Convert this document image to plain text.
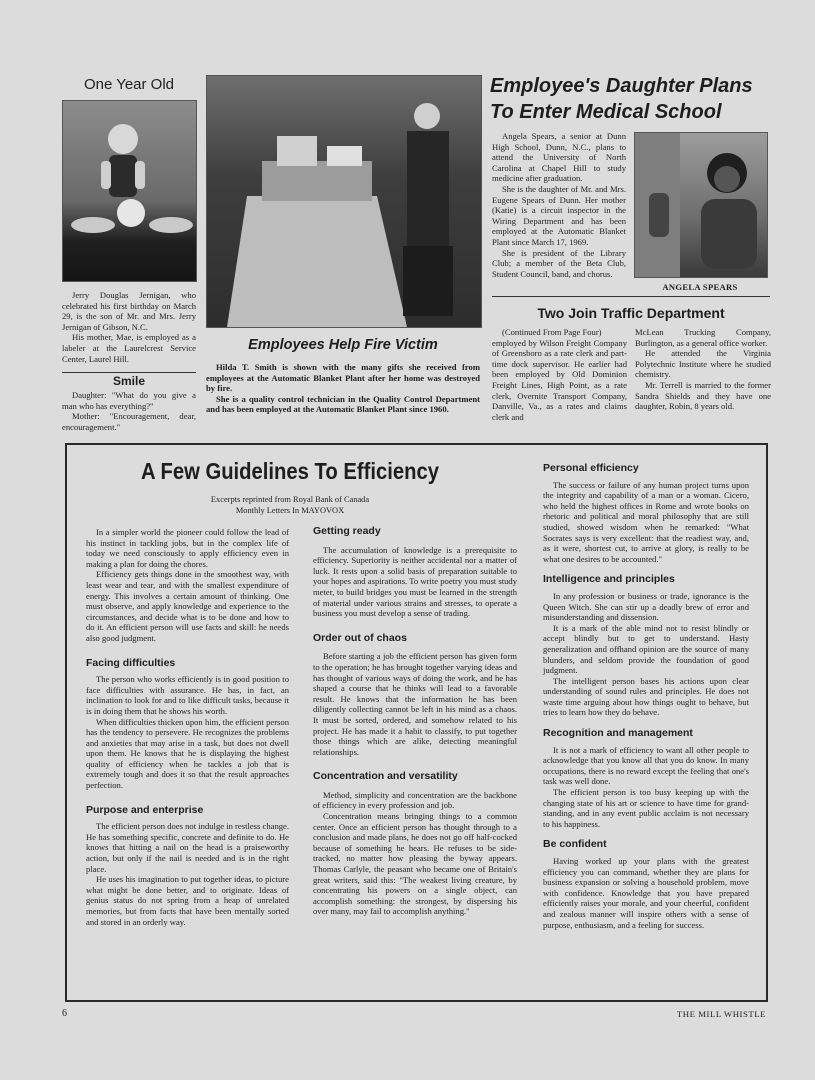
One Year Old

Jerry Douglas Jernigan, who celebrated his first birthday on March 29, is the son of Mr. and Mrs. Jerry Jernigan of Gibson, N.C.

His mother, Mae, is employed as a labeler at the Laurelcrest Service Center, Laurel Hill.

Smile

Daughter: "What do you give a man who has everything?"

Mother: "Encouragement, dear, encouragement."

Employees Help Fire Victim

Hilda T. Smith is shown with the many gifts she received from employees at the Automatic Blanket Plant after her home was destroyed by fire.

She is a quality control technician in the Quality Control Department and has been employed at the Automatic Blanket Plant since 1960.

Employee's Daughter Plans
To Enter Medical School

Angela Spears, a senior at Dunn High School, Dunn, N.C., plans to attend the University of North Carolina at Chapel Hill to study medicine after graduation.

She is the daughter of Mr. and Mrs. Eugene Spears of Dunn. Her mother (Katie) is a circuit inspector in the Wiring Department and has been employed at the Automatic Blanket Plant since March 17, 1969.

She is president of the Library Club; a member of the Beta Club, Student Council, band, and chorus.

ANGELA SPEARS
Two Join Traffic Department

(Continued From Page Four)

employed by Wilson Freight Company of Greensboro as a rate clerk and part-time dock supervisor. He earlier had been employed by Old Dominion Freight Lines, High Point, as a rate clerk, Overnite Transport Company, Danville, Va., as a rates and claims clerk and

McLean Trucking Company, Burlington, as a general office worker.

He attended the Virginia Polytechnic Institute where he studied chemistry.

Mr. Terrell is married to the former Sandra Shields and they have one daughter, Robin, 8 years old.

A Few Guidelines To Efficiency
Excerpts reprinted from Royal Bank of Canada
Monthly Letters In MAYOVOX

In a simpler world the pioneer could follow the lead of his instinct in tackling jobs, but in the complex life of today we need consciously to apply efficiency even in making a plan for doing the chores.

Efficiency gets things done in the smoothest way, with least wear and tear, and with the smallest expenditure of energy. This involves a certain amount of thinking. One must observe, and apply knowledge and experience to the circumstances, and decide what is to be done and how to do it. An efficient person will use facts and skill: he needs also good judgment.

Facing difficulties

The person who works efficiently is in good position to face difficulties with assurance. He has, in fact, an inclination to look for and to like difficult tasks, because it is in doing them that he shows his worth.

When difficulties thicken upon him, the efficient person has the tendency to persevere. He recognizes the problems and anxieties that may arise in a task, but does not dwell upon them. He knows that he is displaying the highest quality of efficiency when he tackles a job that is extremely tough and does it so that the result approaches perfection.

Purpose and enterprise

The efficient person does not indulge in restless change. He has something specific, concrete and definite to do. He knows that hitting a nail on the head is a praiseworthy action, but only if the nail is needed and is in the right place.

He uses his imagination to put together ideas, to picture what might be done better, and to originate. Ideas of genius status do not spring from a heap of unrelated memories, but from facts that have been mentally sorted and stored in an orderly way.

Getting ready

The accumulation of knowledge is a prerequisite to efficiency. Superiority is neither accidental nor a matter of luck. It rests upon a solid basis of preparation suitable to your hopes and aspirations. To write poetry you must study meter, to build bridges you must be learned in the strength of material under various strains and stresses, to operate a business you must develop a sense of trading.

Order out of chaos

Before starting a job the efficient person has given form to the operation; he has brought together varying ideas and has thought of various ways of doing the work, and he has shaped a course that he thinks will lead to a favorable result. He knows that the information he has been diligently collecting cannot be left in his mind as a chaos. It must be sorted, ordered, and somehow related to his project. He has made it a habit to classify, to put together those things which are alike, detecting meaningful relationships.

Concentration and versatility

Method, simplicity and concentration are the backbone of efficiency in every profession and job.

Concentration means bringing things to a common center. Once an efficient person has thought through to a conclusion and made plans, he does not go off half-cocked because of something he hears. He refuses to be side-tracked, no matter how pleasing the byway appears. Thomas Carlyle, the peasant who became one of Britain's great writers, said this: "The weakest living creature, by concentrating his powers on a single object, can accomplish something: the strongest, by dispersing his over many, may fail to accomplish anything."

Personal efficiency

The success or failure of any human project turns upon the integrity and capability of a man or a woman. Cicero, who held the highest offices in Rome and wrote books on rhetoric and political and moral philosophy that are still studied, showed wisdom when he remarked: "What Socrates says is very excellent: that the readiest way, and, as it were, shortest cut, to arrive at glory, is really to be what one desires to be accounted."

Intelligence and principles

In any profession or business or trade, ignorance is the Queen Witch. She can stir up a deadly brew of error and misunderstanding and dissension.

It is a mark of the able mind not to resist blindly or accept blindly but to get to understand. Hasty generalization and offhand opinion are the source of many blunders, and seldom provide the foundation of good judgment.

The intelligent person bases his actions upon clear understanding of sound rules and principles. He does not waste time arguing about how things ought to behave, but tries to learn how they do behave.

Recognition and management

It is not a mark of efficiency to want all other people to acknowledge that you know all that you do know. In many occupations, there is no reward except the feeling that one's task was well done.

The efficient person is too busy keeping up with the changing state of his art or science to have time for grand-standing, and in any event public acclaim is not necessary to his happiness.

Be confident

Having worked up your plans with the greatest efficiency you can command, whether they are plans for business expansion or solving a household problem, move with confidence. Knowledge that you have prepared efficiently raises your morale, and your cheerful, confident and zealous manner will inspire others with a sense of purpose, enthusiasm, and a feeling for success.

6	THE MILL WHISTLE
